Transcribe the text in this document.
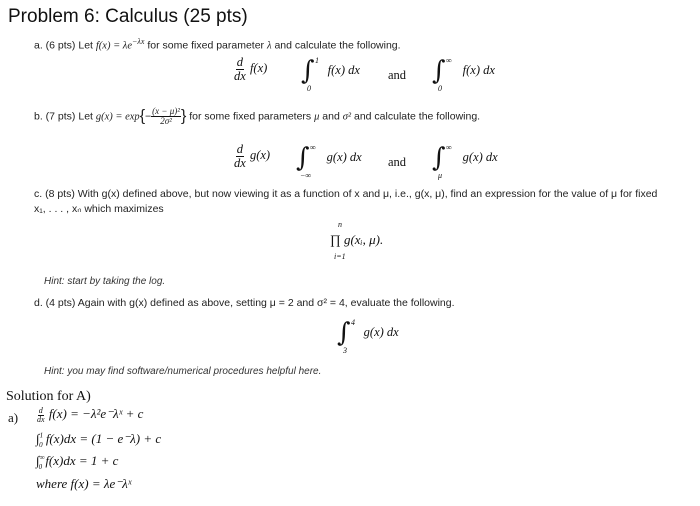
Problem 6: Calculus (25 pts)
a. (6 pts) Let $f(x) = \lambda e^{-\lambda x}$ for some fixed parameter λ and calculate the following.
$\frac{d}{dx} f(x)$ ∫ 1
0
f(x) dx and ∫ ∞
0
f(x) dx
b. (7 pts) Let $g(x) = \exp\{- \frac{\text{(x − μ)²}}{\text{2σ²}}$ } for some fixed parameters μ and σ² and calculate the following.
$\frac{d}{dx} g(x)$ ∫ ∞
−∞
g(x) dx and ∫ ∞
μ
g(x) dx
c. (8 pts) With g(x) defined above, but now viewing it as a function of x and μ, i.e., g(x, μ), find an expression for the value of μ for fixed
x₁, . . . , xₙ which maximizes
n
∏ g(xᵢ, μ).
i=1
Hint: start by taking the log.
d. (4 pts) Again with g(x) defined as above, setting μ = 2 and σ² = 4, evaluate the following.
∫ 4
3
g(x) dx
Hint: you may find software/numerical procedures helpful here.
Solution for A)
$a) \frac{d}{dx} f(x)$ = −λ²e⁻λˣ + c
∫$^1_0$ f(x)dx = (1 − e⁻λ) + c
$\int^\infty_0$ f(x)dx = 1 + c
where f(x) = λe⁻λˣ
